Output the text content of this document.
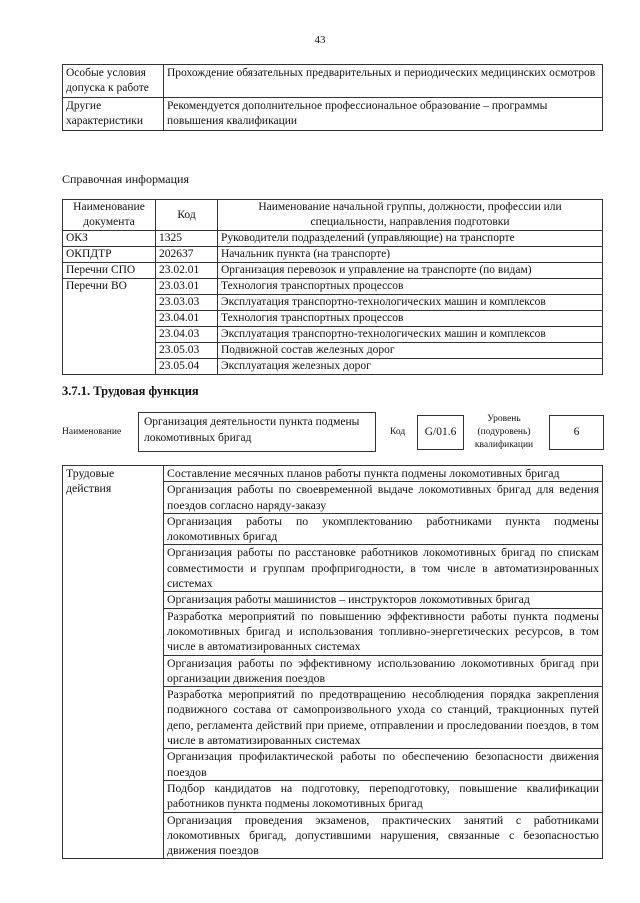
43
Особые условия допуска к работе	Прохождение обязательных предварительных и периодических медицинских осмотров
Другие характеристики	Рекомендуется дополнительное профессиональное образование – программы повышения квалификации
Справочная информация
Наименование документа	Код	Наименование начальной группы, должности, профессии или специальности, направления подготовки
ОКЗ	1325	Руководители подразделений (управляющие) на транспорте
ОКПДТР	202637	Начальник пункта (на транспорте)
Перечни СПО	23.02.01	Организация перевозок и управление на транспорте (по видам)
Перечни ВО	23.03.01	Технология транспортных процессов
	23.03.03	Эксплуатация транспортно-технологических машин и комплексов
	23.04.01	Технология транспортных процессов
	23.04.03	Эксплуатация транспортно-технологических машин и комплексов
	23.05.03	Подвижной состав железных дорог
	23.05.04	Эксплуатация железных дорог
3.7.1. Трудовая функция
Наименование
Организация деятельности пункта подмены локомотивных бригад	Код	G/01.6
Уровень (подуровень) квалификации
6
Трудовые действия	Составление месячных планов работы пункта подмены локомотивных бригад
Организация работы по своевременной выдаче локомотивных бригад для ведения поездов согласно наряду-заказу
Организация работы по укомплектованию работниками пункта подмены локомотивных бригад
Организация работы по расстановке работников локомотивных бригад по спискам совместимости и группам профпригодности, в том числе в автоматизированных системах
Организация работы машинистов – инструкторов локомотивных бригад
Разработка мероприятий по повышению эффективности работы пункта подмены локомотивных бригад и использования топливно-энергетических ресурсов, в том числе в автоматизированных системах
Организация работы по эффективному использованию локомотивных бригад при организации движения поездов
Разработка мероприятий по предотвращению несоблюдения порядка закрепления подвижного состава от самопроизвольного ухода со станций, тракционных путей депо, регламента действий при приеме, отправлении и проследовании поездов, в том числе в автоматизированных системах
Организация профилактической работы по обеспечению безопасности движения поездов
Подбор кандидатов на подготовку, переподготовку, повышение квалификации работников пункта подмены локомотивных бригад
Организация проведения экзаменов, практических занятий с работниками локомотивных бригад, допустившими нарушения, связанные с безопасностью движения поездов
